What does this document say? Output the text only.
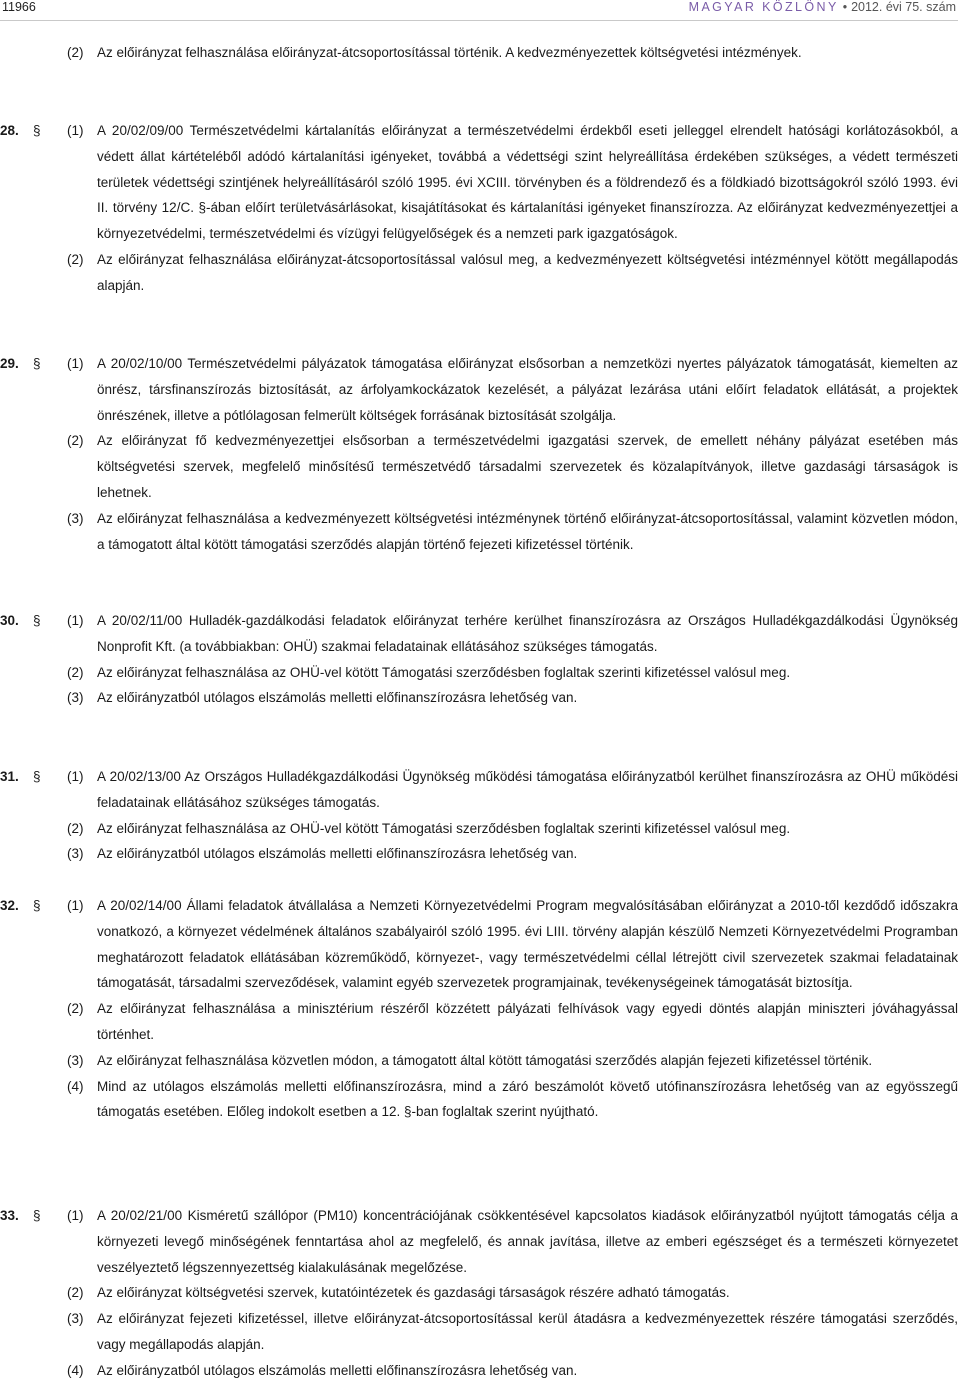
11966	MAGYAR KÖZLÖNY • 2012. évi 75. szám
(2) Az előirányzat felhasználása előirányzat-átcsoportosítással történik. A kedvezményezettek költségvetési intézmények.
28. § (1) A 20/02/09/00 Természetvédelmi kártalanítás előirányzat a természetvédelmi érdekből eseti jelleggel elrendelt hatósági korlátozásokból, a védett állat kártételéből adódó kártalanítási igényeket, továbbá a védettségi szint helyreállítása érdekében szükséges, a védett természeti területek védettségi szintjének helyreállításáról szóló 1995. évi XCIII. törvényben és a földrendező és a földkiadó bizottságokról szóló 1993. évi II. törvény 12/C. §-ában előírt területvásárlásokat, kisajátításokat és kártalanítási igényeket finanszírozza. Az előirányzat kedvezményezettjei a környezetvédelmi, természetvédelmi és vízügyi felügyelőségek és a nemzeti park igazgatóságok.
(2) Az előirányzat felhasználása előirányzat-átcsoportosítással valósul meg, a kedvezményezett költségvetési intézménnyel kötött megállapodás alapján.
29. § (1) A 20/02/10/00 Természetvédelmi pályázatok támogatása előirányzat elsősorban a nemzetközi nyertes pályázatok támogatását, kiemelten az önrész, társfinanszírozás biztosítását, az árfolyamkockázatok kezelését, a pályázat lezárása utáni előírt feladatok ellátását, a projektek önrészének, illetve a pótlólagosan felmerült költségek forrásának biztosítását szolgálja.
(2) Az előirányzat fő kedvezményezettjei elsősorban a természetvédelmi igazgatási szervek, de emellett néhány pályázat esetében más költségvetési szervek, megfelelő minősítésű természetvédő társadalmi szervezetek és közalapítványok, illetve gazdasági társaságok is lehetnek.
(3) Az előirányzat felhasználása a kedvezményezett költségvetési intézménynek történő előirányzat-átcsoportosítással, valamint közvetlen módon, a támogatott által kötött támogatási szerződés alapján történő fejezeti kifizetéssel történik.
30. § (1) A 20/02/11/00 Hulladék-gazdálkodási feladatok előirányzat terhére kerülhet finanszírozásra az Országos Hulladékgazdálkodási Ügynökség Nonprofit Kft. (a továbbiakban: OHÜ) szakmai feladatainak ellátásához szükséges támogatás.
(2) Az előirányzat felhasználása az OHÜ-vel kötött Támogatási szerződésben foglaltak szerinti kifizetéssel valósul meg.
(3) Az előirányzatból utólagos elszámolás melletti előfinanszírozásra lehetőség van.
31. § (1) A 20/02/13/00 Az Országos Hulladékgazdálkodási Ügynökség működési támogatása előirányzatból kerülhet finanszírozásra az OHÜ működési feladatainak ellátásához szükséges támogatás.
(2) Az előirányzat felhasználása az OHÜ-vel kötött Támogatási szerződésben foglaltak szerinti kifizetéssel valósul meg.
(3) Az előirányzatból utólagos elszámolás melletti előfinanszírozásra lehetőség van.
32. § (1) A 20/02/14/00 Állami feladatok átvállalása a Nemzeti Környezetvédelmi Program megvalósításában előirányzat a 2010-től kezdődő időszakra vonatkozó, a környezet védelmének általános szabályairól szóló 1995. évi LIII. törvény alapján készülő Nemzeti Környezetvédelmi Programban meghatározott feladatok ellátásában közreműködő, környezet-, vagy természetvédelmi céllal létrejött civil szervezetek szakmai feladatainak támogatását, társadalmi szerveződések, valamint egyéb szervezetek programjainak, tevékenységeinek támogatását biztosítja.
(2) Az előirányzat felhasználása a minisztérium részéről közzétett pályázati felhívások vagy egyedi döntés alapján miniszteri jóváhagyással történhet.
(3) Az előirányzat felhasználása közvetlen módon, a támogatott által kötött támogatási szerződés alapján fejezeti kifizetéssel történik.
(4) Mind az utólagos elszámolás melletti előfinanszírozásra, mind a záró beszámolót követő utófinanszírozásra lehetőség van az egyösszegű támogatás esetében. Előleg indokolt esetben a 12. §-ban foglaltak szerint nyújtható.
33. § (1) A 20/02/21/00 Kisméretű szállópor (PM10) koncentrációjának csökkentésével kapcsolatos kiadások előirányzatból nyújtott támogatás célja a környezeti levegő minőségének fenntartása ahol az megfelelő, és annak javítása, illetve az emberi egészséget és a természeti környezetet veszélyeztető légszennyezettség kialakulásának megelőzése.
(2) Az előirányzat költségvetési szervek, kutatóintézetek és gazdasági társaságok részére adható támogatás.
(3) Az előirányzat fejezeti kifizetéssel, illetve előirányzat-átcsoportosítással kerül átadásra a kedvezményezettek részére támogatási szerződés, vagy megállapodás alapján.
(4) Az előirányzatból utólagos elszámolás melletti előfinanszírozásra lehetőség van.
